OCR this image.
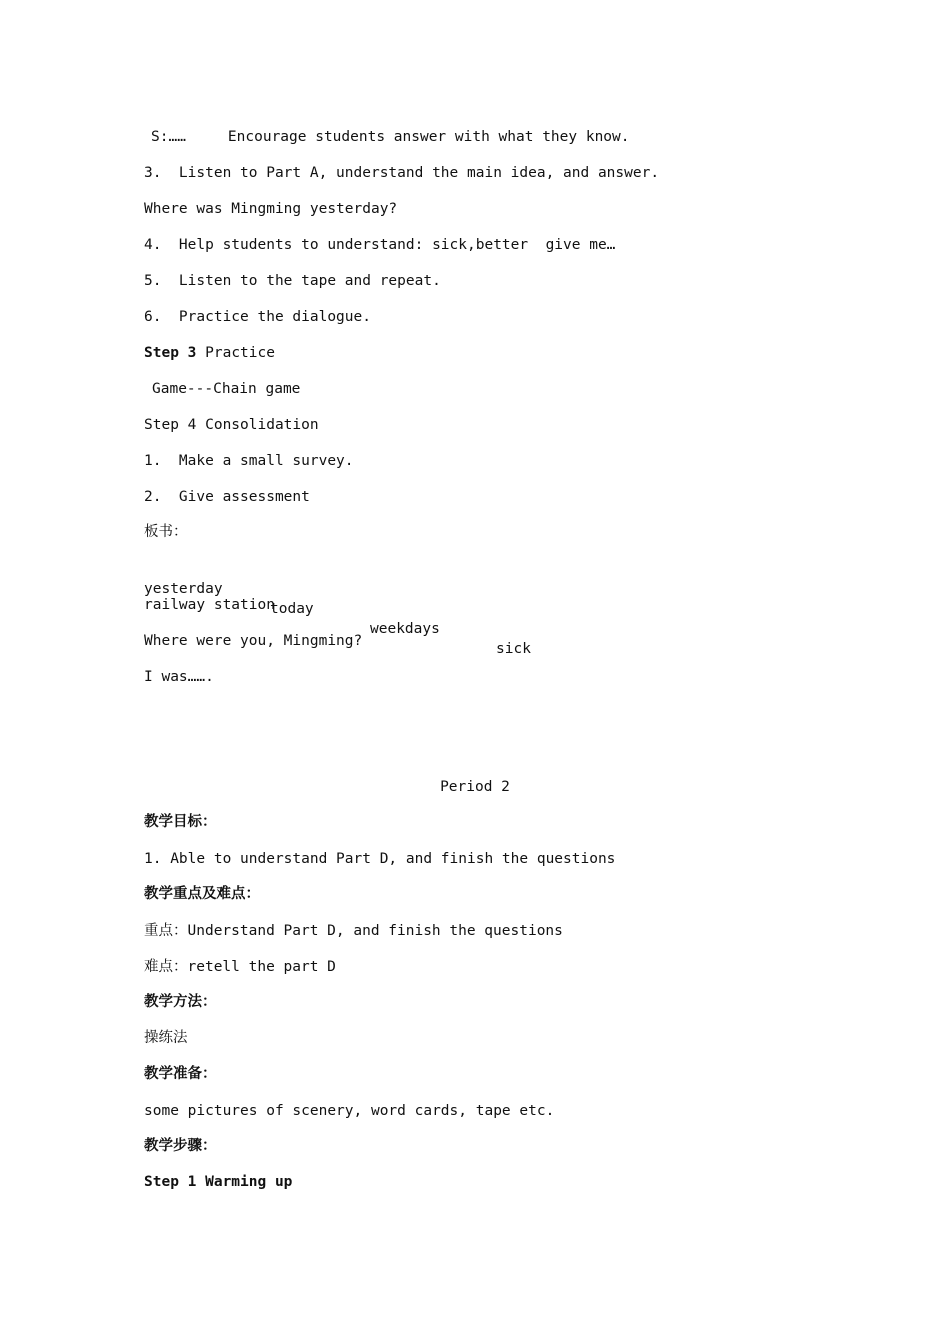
S:……	Encourage students answer with what they know.
3.  Listen to Part A, understand the main idea, and answer.
Where was Mingming yesterday?
4.  Help students to understand: sick,better  give me…
5.  Listen to the tape and repeat.
6.  Practice the dialogue.
Step 3 Practice
Game---Chain game
Step 4 Consolidation
1.  Make a small survey.
2.  Give assessment
板书：

yesterday

today

weekdays

sick

railway station
Where were you, Mingming?
I was…….
Period 2
教学目标：
1. Able to understand Part D, and finish the questions
教学重点及难点：
重点：Understand Part D, and finish the questions
难点：retell the part D
教学方法：
操练法
教学准备：
some pictures of scenery, word cards, tape etc.
教学步骤：
Step 1 Warming up
